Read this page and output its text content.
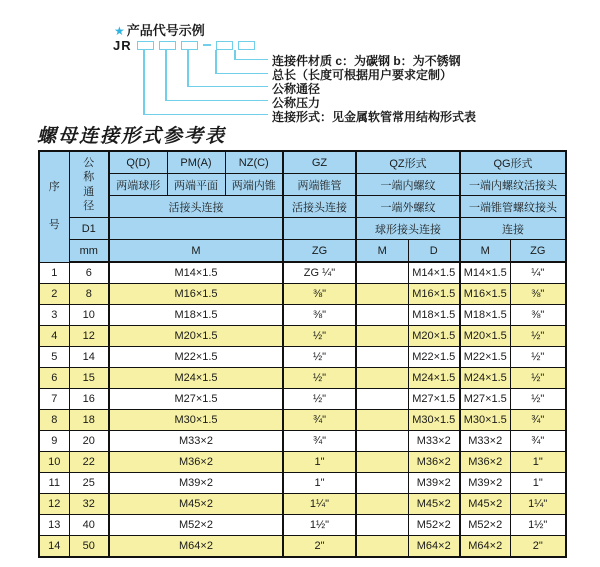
★ 产品代号示例
JR
连接件材质 c：为碳钢 b：为不锈钢
总长（长度可根据用户要求定制）
公称通径
公称压力
连接形式：见金属软管常用结构形式表
螺母连接形式参考表
序号	公称通径	Q(D)	PM(A)	NZ(C)	GZ	QZ形式		QG形式	
		两端球形	两端平面	两端内锥	两端锥管	一端内螺纹		一端内螺纹活接头	
		活接头连接			活接头连接	一端外螺纹		一端锥管螺纹接头	
	D1					球形接头连接		连接	
	mm	M			ZG	M	D	M	ZG
1	6	M14×1.5			ZG ¼"		M14×1.5	M14×1.5	¼"
2	8	M16×1.5			⅜"		M16×1.5	M16×1.5	⅜"
3	10	M18×1.5			⅜"		M18×1.5	M18×1.5	⅜"
4	12	M20×1.5			½"		M20×1.5	M20×1.5	½"
5	14	M22×1.5			½"		M22×1.5	M22×1.5	½"
6	15	M24×1.5			½"		M24×1.5	M24×1.5	½"
7	16	M27×1.5			½"		M27×1.5	M27×1.5	½"
8	18	M30×1.5			¾"		M30×1.5	M30×1.5	¾"
9	20	M33×2			¾"		M33×2	M33×2	¾"
10	22	M36×2			1"		M36×2	M36×2	1"
11	25	M39×2			1"		M39×2	M39×2	1"
12	32	M45×2			1¼"		M45×2	M45×2	1¼"
13	40	M52×2			1½"		M52×2	M52×2	1½"
14	50	M64×2			2"		M64×2	M64×2	2"
